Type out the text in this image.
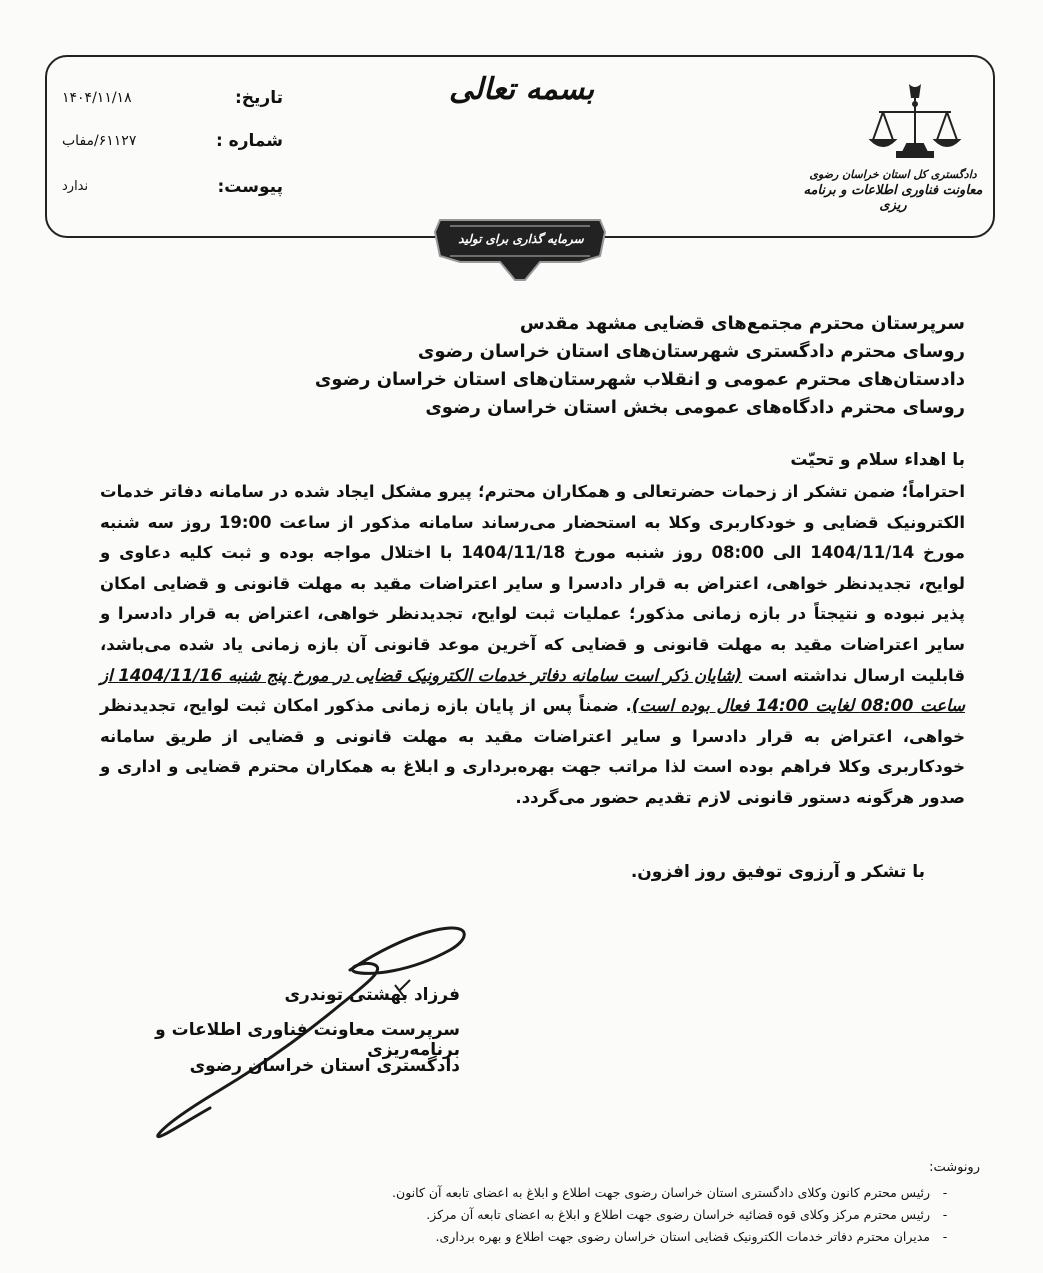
بسمه تعالی
تاریخ:
۱۴۰۴/۱۱/۱۸
شماره :
۶۱۱۲۷/مفاب
پیوست:
ندارد
دادگستری کل استان خراسان رضوی
معاونت فناوری اطلاعات و برنامه ریزی
سرمایه گذاری برای تولید
سرپرستان محترم مجتمع‌های قضایی مشهد مقدس
روسای محترم دادگستری شهرستان‌های استان خراسان رضوی
دادستان‌های محترم عمومی و انقلاب شهرستان‌های استان خراسان رضوی
روسای محترم دادگاه‌های عمومی بخش استان خراسان رضوی
با اهداء سلام و تحیّت
احتراماً؛ ضمن تشکر از زحمات حضرتعالی و همکاران محترم؛ پیرو مشکل ایجاد شده در سامانه دفاتر خدمات الکترونیک قضایی و خودکاربری وکلا به استحضار می‌رساند سامانه مذکور از ساعت 19:00 روز سه شنبه مورخ 1404/11/14 الی 08:00 روز شنبه مورخ 1404/11/18 با اختلال مواجه بوده و ثبت کلیه دعاوی و لوایح، تجدیدنظر خواهی، اعتراض به قرار دادسرا و سایر اعتراضات مقید به مهلت قانونی و قضایی امکان پذیر نبوده و نتیجتاً در بازه زمانی مذکور؛ عملیات ثبت لوایح، تجدیدنظر خواهی، اعتراض به قرار دادسرا و سایر اعتراضات مقید به مهلت قانونی و قضایی که آخرین موعد قانونی آن بازه زمانی یاد شده می‌باشد، قابلیت ارسال نداشته است (شایان ذکر است سامانه دفاتر خدمات الکترونیک قضایی در مورخ پنج شنبه 1404/11/16 از ساعت 08:00 لغایت 14:00 فعال بوده است). ضمناً پس از پایان بازه زمانی مذکور امکان ثبت لوایح، تجدیدنظر خواهی، اعتراض به قرار دادسرا و سایر اعتراضات مقید به مهلت قانونی و قضایی از طریق سامانه خودکاربری وکلا فراهم بوده است لذا مراتب جهت بهره‌برداری و ابلاغ به همکاران محترم قضایی و اداری و صدور هرگونه دستور قانونی لازم تقدیم حضور می‌گردد.
با تشکر و آرزوی توفیق روز افزون.
فرزاد بهشتی توندری
سرپرست معاونت فناوری اطلاعات و برنامه‌ریزی
دادگستری استان خراسان رضوی
رونوشت:
-رئیس محترم کانون وکلای دادگستری استان خراسان رضوی جهت اطلاع و ابلاغ به اعضای تابعه آن کانون.
-رئیس محترم مرکز وکلای قوه قضائیه خراسان رضوی جهت اطلاع و ابلاغ به اعضای تابعه آن مرکز.
-مدیران محترم دفاتر خدمات الکترونیک قضایی استان خراسان رضوی جهت اطلاع و بهره برداری.
